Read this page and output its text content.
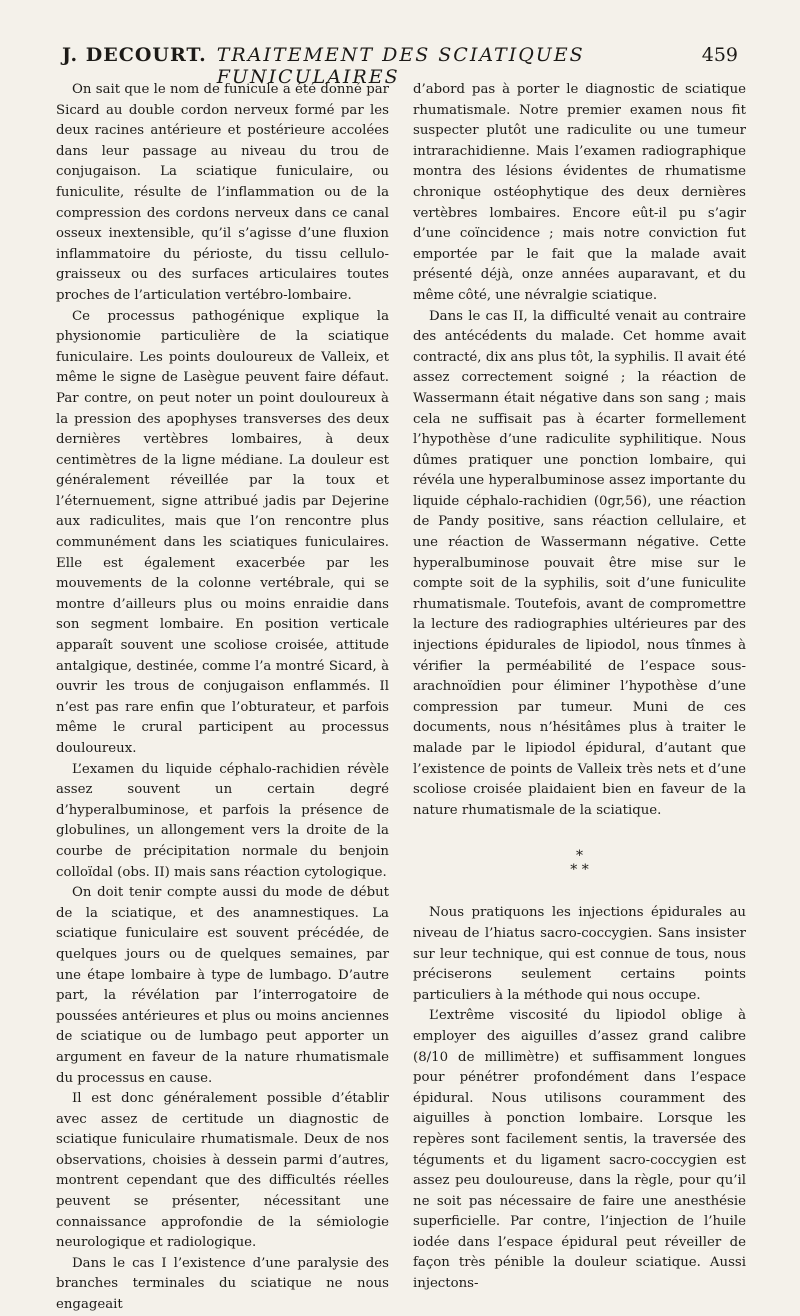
J. DECOURT. TRAITEMENT DES SCIATIQUES FUNICULAIRES
459

On sait que le nom de funicule a été donné par Sicard au double cordon nerveux formé par les deux racines antérieure et postérieure accolées dans leur passage au niveau du trou de conjugaison. La sciatique funiculaire, ou funiculite, résulte de l’inflammation ou de la compression des cordons nerveux dans ce canal osseux inextensible, qu’il s’agisse d’une fluxion inflammatoire du périoste, du tissu cellulo-graisseux ou des surfaces articulaires toutes proches de l’articulation vertébro-lombaire.

Ce processus pathogénique explique la physionomie particulière de la sciatique funiculaire. Les points douloureux de Valleix, et même le signe de Lasègue peuvent faire défaut. Par contre, on peut noter un point douloureux à la pression des apophyses transverses des deux dernières vertèbres lombaires, à deux centimètres de la ligne médiane. La douleur est généralement réveillée par la toux et l’éternuement, signe attribué jadis par Dejerine aux radiculites, mais que l’on rencontre plus communément dans les sciatiques funiculaires. Elle est également exacerbée par les mouvements de la colonne vertébrale, qui se montre d’ailleurs plus ou moins enraidie dans son segment lombaire. En position verticale apparaît souvent une scoliose croisée, attitude antalgique, destinée, comme l’a montré Sicard, à ouvrir les trous de conjugaison enflammés. Il n’est pas rare enfin que l’obturateur, et parfois même le crural participent au processus douloureux.

L’examen du liquide céphalo-rachidien révèle assez souvent un certain degré d’hyperalbuminose, et parfois la présence de globulines, un allongement vers la droite de la courbe de précipitation normale du benjoin colloïdal (obs. II) mais sans réaction cytologique.

On doit tenir compte aussi du mode de début de la sciatique, et des anamnestiques. La sciatique funiculaire est souvent précédée, de quelques jours ou de quelques semaines, par une étape lombaire à type de lumbago. D’autre part, la révélation par l’interrogatoire de poussées antérieures et plus ou moins anciennes de sciatique ou de lumbago peut apporter un argument en faveur de la nature rhumatismale du processus en cause.

Il est donc généralement possible d’établir avec assez de certitude un diagnostic de sciatique funiculaire rhumatismale. Deux de nos observations, choisies à dessein parmi d’autres, montrent cependant que des difficultés réelles peuvent se présenter, nécessitant une connaissance approfondie de la sémiologie neurologique et radiologique.

Dans le cas I l’existence d’une paralysie des branches terminales du sciatique ne nous engageait

d’abord pas à porter le diagnostic de sciatique rhumatismale. Notre premier examen nous fit suspecter plutôt une radiculite ou une tumeur intrarachidienne. Mais l’examen radiographique montra des lésions évidentes de rhumatisme chronique ostéophytique des deux dernières vertèbres lombaires. Encore eût-il pu s’agir d’une coïncidence ; mais notre conviction fut emportée par le fait que la malade avait présenté déjà, onze années auparavant, et du même côté, une névralgie sciatique.

Dans le cas II, la difficulté venait au contraire des antécédents du malade. Cet homme avait contracté, dix ans plus tôt, la syphilis. Il avait été assez correctement soigné ; la réaction de Wassermann était négative dans son sang ; mais cela ne suffisait pas à écarter formellement l’hypothèse d’une radiculite syphilitique. Nous dûmes pratiquer une ponction lombaire, qui révéla une hyperalbuminose assez importante du liquide céphalo-rachidien (0gr,56), une réaction de Pandy positive, sans réaction cellulaire, et une réaction de Wassermann négative. Cette hyperalbuminose pouvait être mise sur le compte soit de la syphilis, soit d’une funiculite rhumatismale. Toutefois, avant de compromettre la lecture des radiographies ultérieures par des injections épidurales de lipiodol, nous tînmes à vérifier la perméabilité de l’espace sous-arachnoïdien pour éliminer l’hypothèse d’une compression par tumeur. Muni de ces documents, nous n’hésitâmes plus à traiter le malade par le lipiodol épidural, d’autant que l’existence de points de Valleix très nets et d’une scoliose croisée plaidaient bien en faveur de la nature rhumatismale de la sciatique.

*
* *

Nous pratiquons les injections épidurales au niveau de l’hiatus sacro-coccygien. Sans insister sur leur technique, qui est connue de tous, nous préciserons seulement certains points particuliers à la méthode qui nous occupe.

L’extrême viscosité du lipiodol oblige à employer des aiguilles d’assez grand calibre (8/10 de millimètre) et suffisamment longues pour pénétrer profondément dans l’espace épidural. Nous utilisons couramment des aiguilles à ponction lombaire. Lorsque les repères sont facilement sentis, la traversée des téguments et du ligament sacro-coccygien est assez peu douloureuse, dans la règle, pour qu’il ne soit pas nécessaire de faire une anesthésie superficielle. Par contre, l’injection de l’huile iodée dans l’espace épidural peut réveiller de façon très pénible la douleur sciatique. Aussi injectons-
